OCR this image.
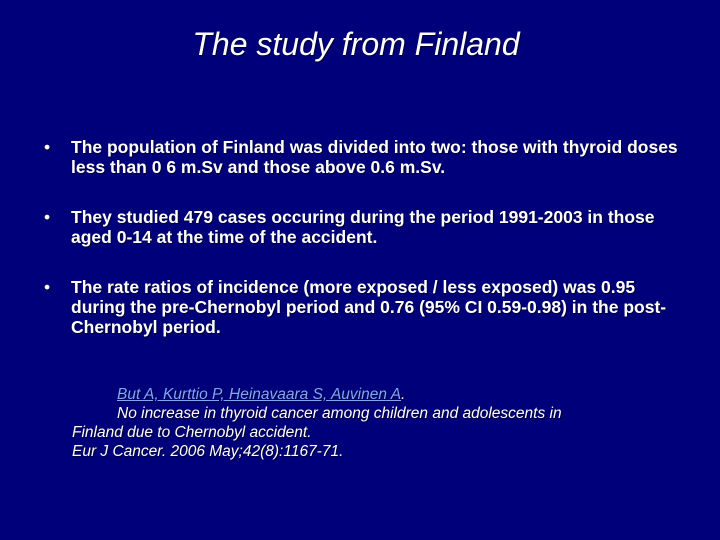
The study from Finland
• The population of Finland was divided into two: those with thyroid doses less than 0 6 m.Sv and those above 0.6 m.Sv.
• They studied 479 cases occuring during the period 1991-2003 in those aged 0-14 at the time of the accident.
• The rate ratios of incidence (more exposed / less exposed) was 0.95 during the pre-Chernobyl period and 0.76 (95% CI 0.59-0.98) in the post-Chernobyl period.
But A, Kurttio P, Heinavaara S, Auvinen A.
No increase in thyroid cancer among children and adolescents in
Finland due to Chernobyl accident.
Eur J Cancer. 2006 May;42(8):1167-71.
